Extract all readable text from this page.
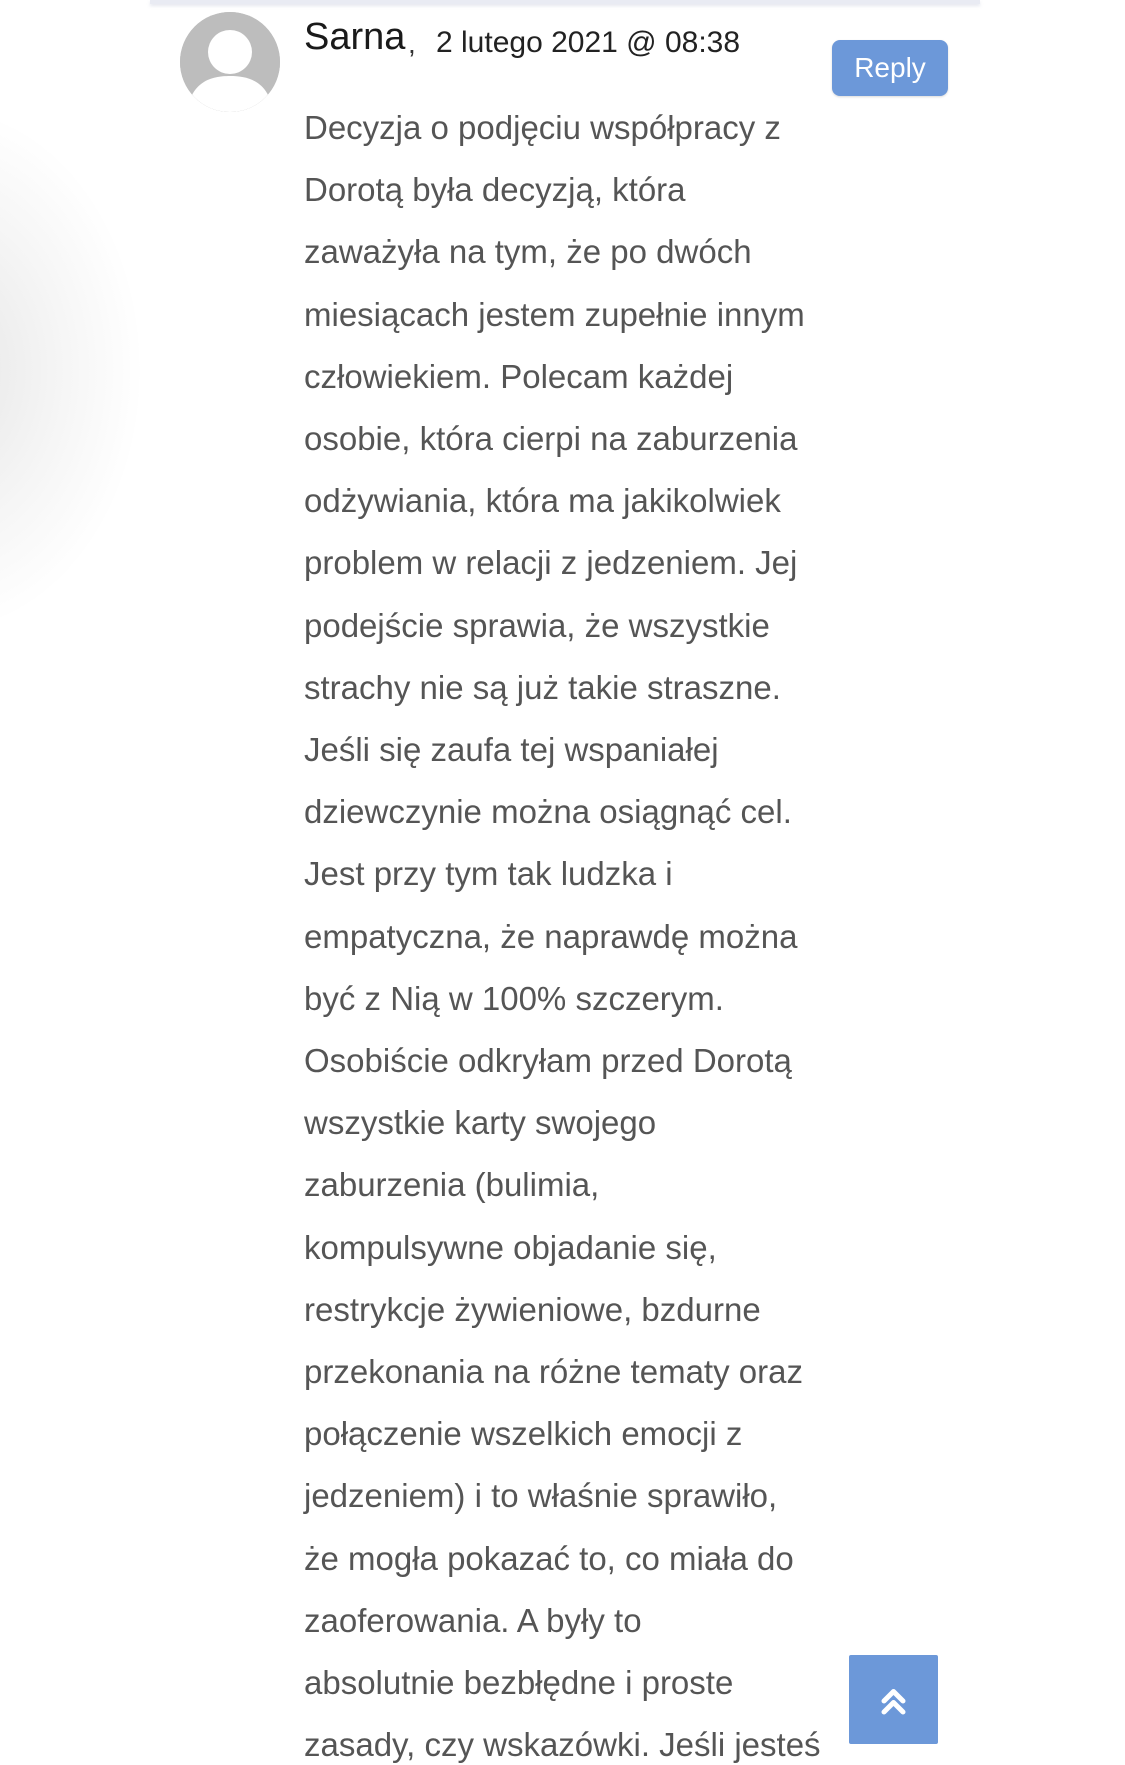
Sarna , 2 lutego 2021 @ 08:38
Reply

Decyzja o podjęciu współpracy z
Dorotą była decyzją, która
zaważyła na tym, że po dwóch
miesiącach jestem zupełnie innym
człowiekiem. Polecam każdej
osobie, która cierpi na zaburzenia
odżywiania, która ma jakikolwiek
problem w relacji z jedzeniem. Jej
podejście sprawia, że wszystkie
strachy nie są już takie straszne.
Jeśli się zaufa tej wspaniałej
dziewczynie można osiągnąć cel.
Jest przy tym tak ludzka i
empatyczna, że naprawdę można
być z Nią w 100% szczerym.
Osobiście odkryłam przed Dorotą
wszystkie karty swojego
zaburzenia (bulimia,
kompulsywne objadanie się,
restrykcje żywieniowe, bzdurne
przekonania na różne tematy oraz
połączenie wszelkich emocji z
jedzeniem) i to właśnie sprawiło,
że mogła pokazać to, co miała do
zaoferowania. A były to
absolutnie bezbłędne i proste
zasady, czy wskazówki. Jeśli jesteś
